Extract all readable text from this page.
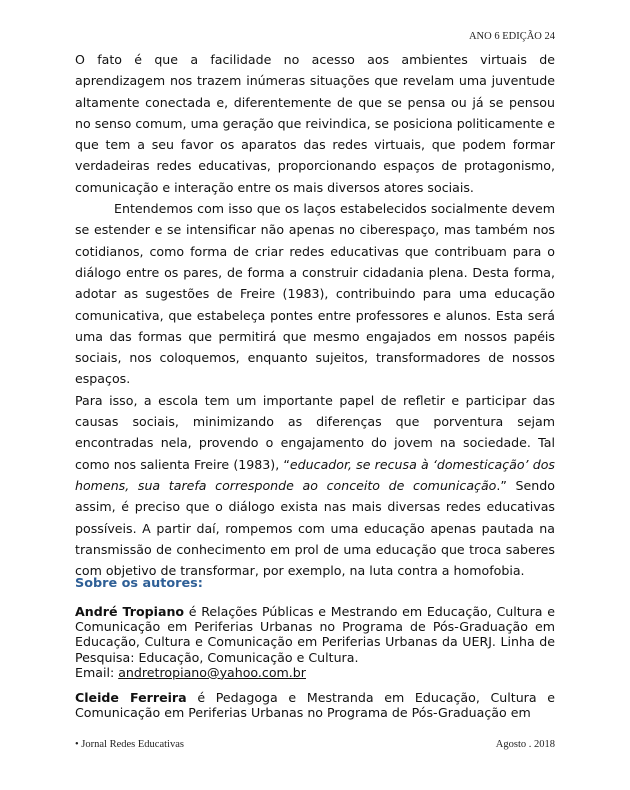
ANO 6 EDIÇÃO 24

O fato é que a facilidade no acesso aos ambientes virtuais de aprendizagem nos trazem inúmeras situações que revelam uma juventude altamente conectada e, diferentemente de que se pensa ou já se pensou no senso comum, uma geração que reivindica, se posiciona politicamente e que tem a seu favor os aparatos das redes virtuais, que podem formar verdadeiras redes educativas, proporcionando espaços de protagonismo, comunicação e interação entre os mais diversos atores sociais.

Entendemos com isso que os laços estabelecidos socialmente devem se estender e se intensificar não apenas no ciberespaço, mas também nos cotidianos, como forma de criar redes educativas que contribuam para o diálogo entre os pares, de forma a construir cidadania plena. Desta forma, adotar as sugestões de Freire (1983), contribuindo para uma educação comunicativa, que estabeleça pontes entre professores e alunos. Esta será uma das formas que permitirá que mesmo engajados em nossos papéis sociais, nos coloquemos, enquanto sujeitos, transformadores de nossos espaços.

Para isso, a escola tem um importante papel de refletir e participar das causas sociais, minimizando as diferenças que porventura sejam encontradas nela, provendo o engajamento do jovem na sociedade. Tal como nos salienta Freire (1983), “educador, se recusa à ‘domesticação’ dos homens, sua tarefa corresponde ao conceito de comunicação.” Sendo assim, é preciso que o diálogo exista nas mais diversas redes educativas possíveis. A partir daí, rompemos com uma educação apenas pautada na transmissão de conhecimento em prol de uma educação que troca saberes com objetivo de transformar, por exemplo, na luta contra a homofobia.

Sobre os autores:

André Tropiano é Relações Públicas e Mestrando em Educação, Cultura e Comunicação em Periferias Urbanas no Programa de Pós-Graduação em Educação, Cultura e Comunicação em Periferias Urbanas da UERJ. Linha de Pesquisa: Educação, Comunicação e Cultura.

Email: andretropiano@yahoo.com.br

Cleide Ferreira é Pedagoga e Mestranda em Educação, Cultura e Comunicação em Periferias Urbanas no Programa de Pós-Graduação em

• Jornal Redes Educativas	Agosto . 2018
